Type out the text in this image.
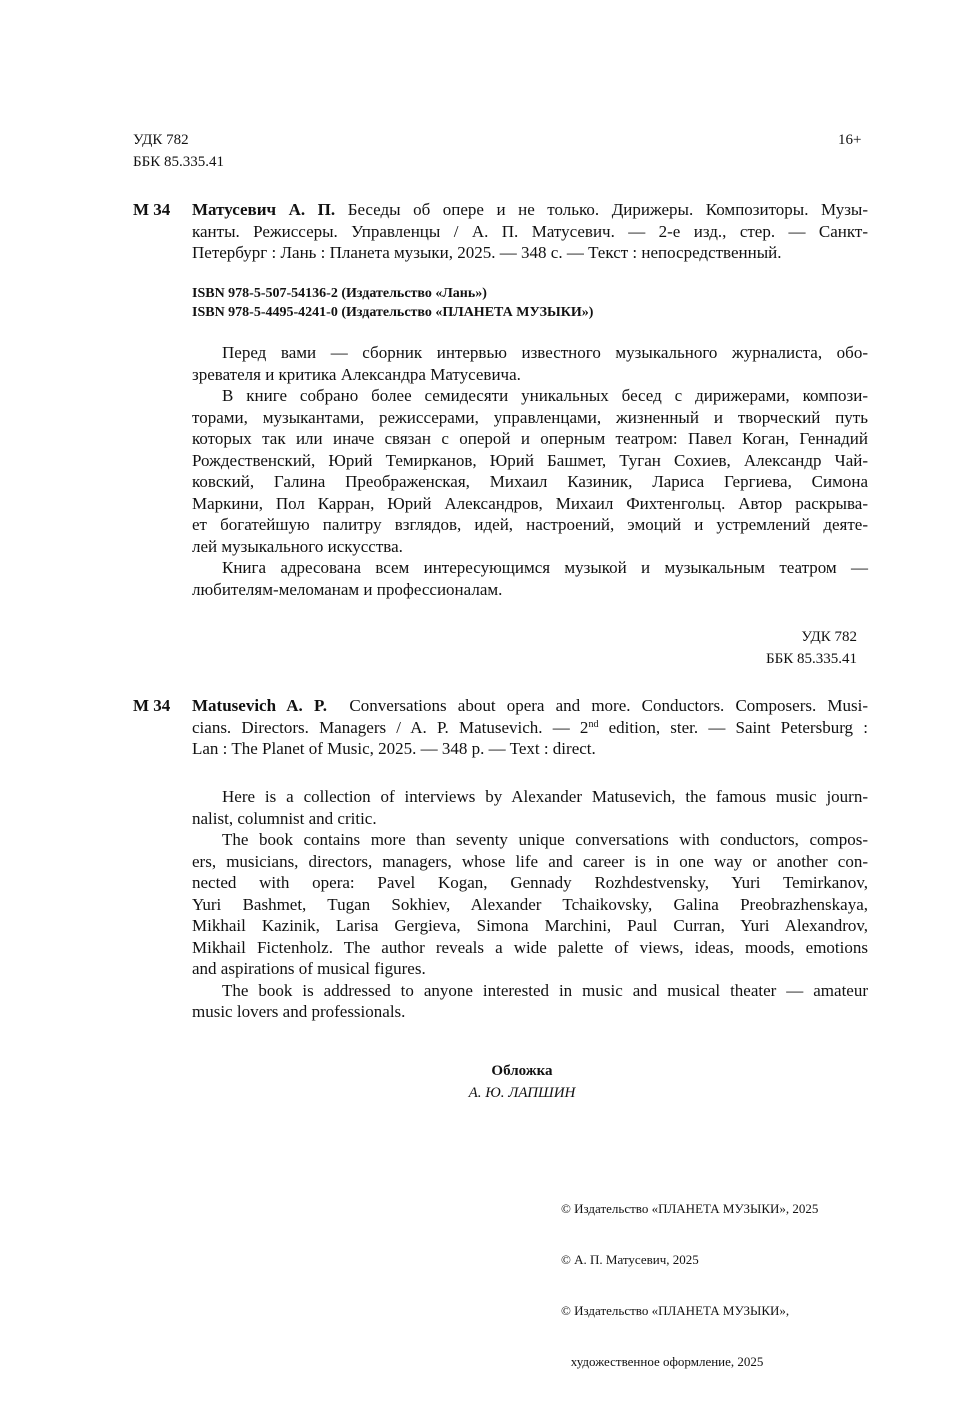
УДК 782
ББК 85.335.41
16+
М 34 Матусевич А. П. Беседы об опере и не только. Дирижеры. Композиторы. Музы-
канты. Режиссеры. Управленцы / А. П. Матусевич. — 2-е изд., стер. — Санкт-
Петербург : Лань : Планета музыки, 2025. — 348 с. — Текст : непосредственный.
ISBN 978-5-507-54136-2 (Издательство «Лань»)
ISBN 978-5-4495-4241-0 (Издательство «ПЛАНЕТА МУЗЫКИ»)
Перед вами — сборник интервью известного музыкального журналиста, обо-
зревателя и критика Александра Матусевича.
В книге собрано более семидесяти уникальных бесед с дирижерами, компози-
торами, музыкантами, режиссерами, управленцами, жизненный и творческий путь
которых так или иначе связан с оперой и оперным театром: Павел Коган, Геннадий
Рождественский, Юрий Темирканов, Юрий Башмет, Туган Сохиев, Александр Чай-
ковский, Галина Преображенская, Михаил Казиник, Лариса Гергиева, Симона
Маркини, Пол Карран, Юрий Александров, Михаил Фихтенгольц. Автор раскрыва-
ет богатейшую палитру взглядов, идей, настроений, эмоций и устремлений деяте-
лей музыкального искусства.
Книга адресована всем интересующимся музыкой и музыкальным театром —
любителям-меломанам и профессионалам.
УДК 782
ББК 85.335.41
М 34 Matusevich A. P. Conversations about opera and more. Conductors. Composers. Musi-
cians. Directors. Managers / A. P. Matusevich. — 2nd edition, ster. — Saint Petersburg :
Lan : The Planet of Music, 2025. — 348 p. — Text : direct.
Here is a collection of interviews by Alexander Matusevich, the famous music journ-
nalist, columnist and critic.
The book contains more than seventy unique conversations with conductors, compos-
ers, musicians, directors, managers, whose life and career is in one way or another con-
nected with opera: Pavel Kogan, Gennady Rozhdestvensky, Yuri Temirkanov,
Yuri Bashmet, Tugan Sokhiev, Alexander Tchaikovsky, Galina Preobrazhenskaya,
Mikhail Kazinik, Larisa Gergieva, Simona Marchini, Paul Curran, Yuri Alexandrov,
Mikhail Fictenholz. The author reveals a wide palette of views, ideas, moods, emotions
and aspirations of musical figures.
The book is addressed to anyone interested in music and musical theater — amateur
music lovers and professionals.
Обложка
А. Ю. ЛАПШИН

© Издательство «ПЛАНЕТА МУЗЫКИ», 2025

© А. П. Матусевич, 2025

© Издательство «ПЛАНЕТА МУЗЫКИ»,

художественное оформление, 2025
